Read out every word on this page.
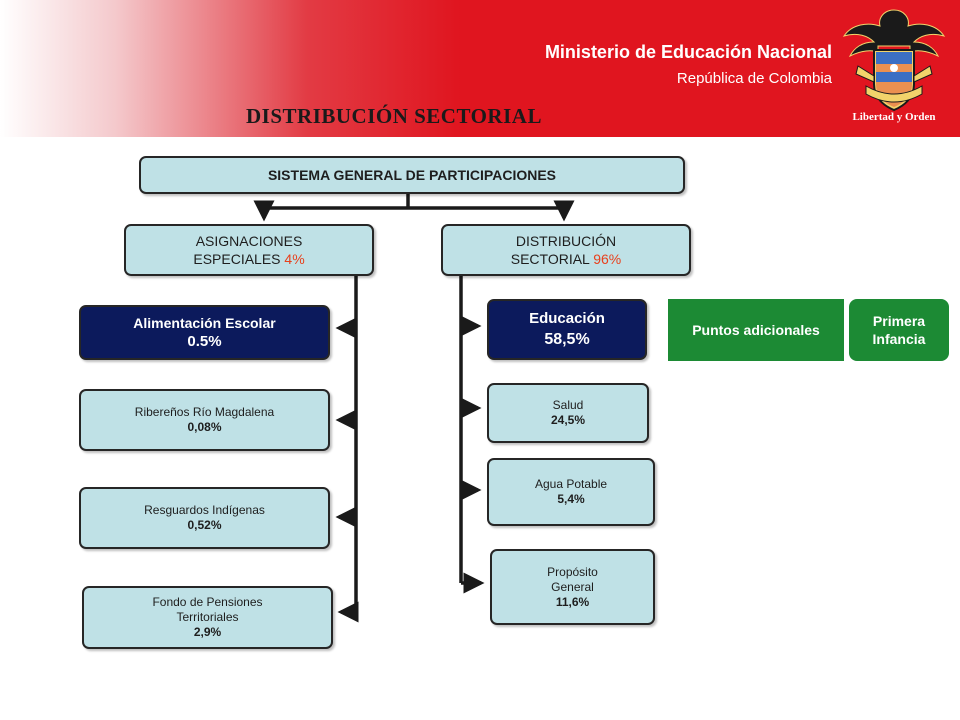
Ministerio de Educación Nacional
República de Colombia
DISTRIBUCIÓN SECTORIAL	Libertad y Orden
SISTEMA GENERAL DE PARTICIPACIONES
ASIGNACIONES
ESPECIALES 4%
DISTRIBUCIÓN
SECTORIAL 96%
Alimentación Escolar
0.5%
Ribereños Río Magdalena
0,08%
Resguardos Indígenas
0,52%
Fondo de Pensiones
Territoriales
2,9%
Educación
58,5%
Salud
24,5%
Agua Potable
5,4%
Propósito
General
11,6%
Puntos adicionales
Primera
Infancia
